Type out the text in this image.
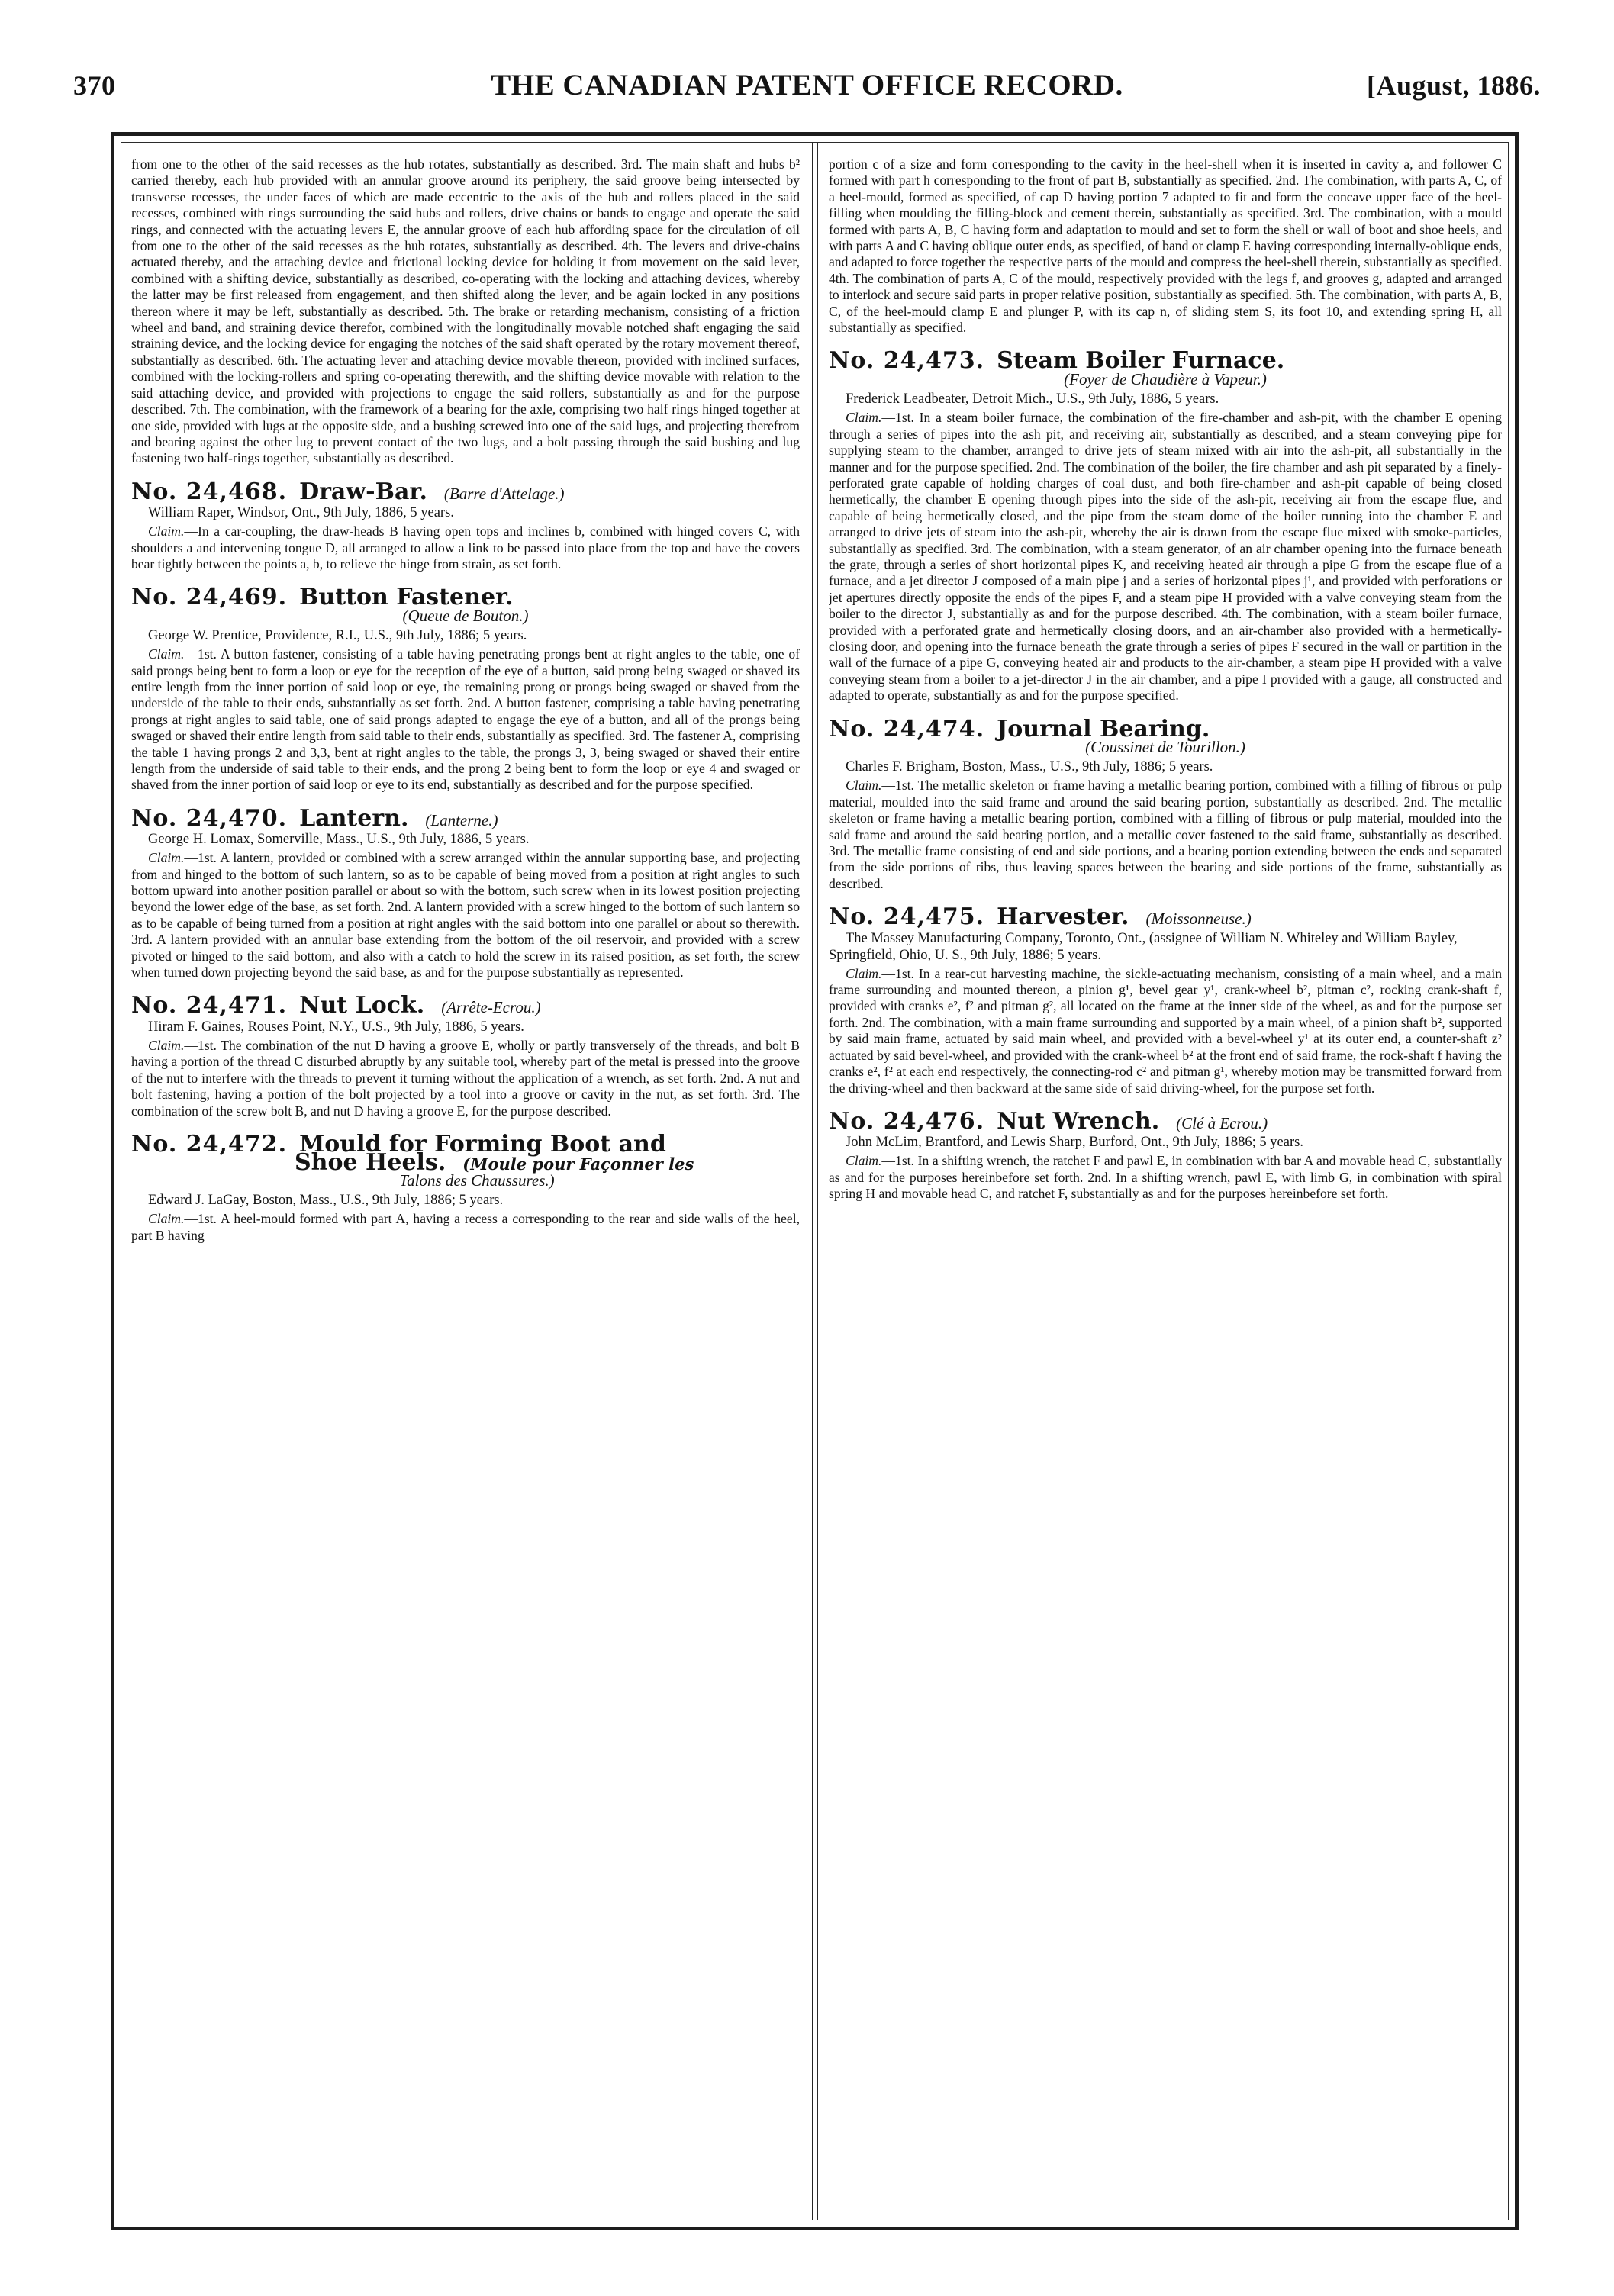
370	THE CANADIAN PATENT OFFICE RECORD.	[August, 1886.

from one to the other of the said recesses as the hub rotates, substantially as described. 3rd. The main shaft and hubs b² carried thereby, each hub provided with an annular groove around its periphery, the said groove being intersected by transverse recesses, the under faces of which are made eccentric to the axis of the hub and rollers placed in the said recesses, combined with rings surrounding the said hubs and rollers, drive chains or bands to engage and operate the said rings, and connected with the actuating levers E, the annular groove of each hub affording space for the circulation of oil from one to the other of the said recesses as the hub rotates, substantially as described. 4th. The levers and drive-chains actuated thereby, and the attaching device and frictional locking device for holding it from movement on the said lever, combined with a shifting device, substantially as described, co-operating with the locking and attaching devices, whereby the latter may be first released from engagement, and then shifted along the lever, and be again locked in any positions thereon where it may be left, substantially as described. 5th. The brake or retarding mechanism, consisting of a friction wheel and band, and straining device therefor, combined with the longitudinally movable notched shaft engaging the said straining device, and the locking device for engaging the notches of the said shaft operated by the rotary movement thereof, substantially as described. 6th. The actuating lever and attaching device movable thereon, provided with inclined surfaces, combined with the locking-rollers and spring co-operating therewith, and the shifting device movable with relation to the said attaching device, and provided with projections to engage the said rollers, substantially as and for the purpose described. 7th. The combination, with the framework of a bearing for the axle, comprising two half rings hinged together at one side, provided with lugs at the opposite side, and a bushing screwed into one of the said lugs, and projecting therefrom and bearing against the other lug to prevent contact of the two lugs, and a bolt passing through the said bushing and lug fastening two half-rings together, substantially as described.

No. 24,468. Draw-Bar. (Barre d'Attelage.)

William Raper, Windsor, Ont., 9th July, 1886, 5 years.

Claim.—In a car-coupling, the draw-heads B having open tops and inclines b, combined with hinged covers C, with shoulders a and intervening tongue D, all arranged to allow a link to be passed into place from the top and have the covers bear tightly between the points a, b, to relieve the hinge from strain, as set forth.

No. 24,469. Button Fastener.

(Queue de Bouton.)

George W. Prentice, Providence, R.I., U.S., 9th July, 1886; 5 years.

Claim.—1st. A button fastener, consisting of a table having penetrating prongs bent at right angles to the table, one of said prongs being bent to form a loop or eye for the reception of the eye of a button, said prong being swaged or shaved its entire length from the inner portion of said loop or eye, the remaining prong or prongs being swaged or shaved from the underside of the table to their ends, substantially as set forth. 2nd. A button fastener, comprising a table having penetrating prongs at right angles to said table, one of said prongs adapted to engage the eye of a button, and all of the prongs being swaged or shaved their entire length from said table to their ends, substantially as specified. 3rd. The fastener A, comprising the table 1 having prongs 2 and 3,3, bent at right angles to the table, the prongs 3, 3, being swaged or shaved their entire length from the underside of said table to their ends, and the prong 2 being bent to form the loop or eye 4 and swaged or shaved from the inner portion of said loop or eye to its end, substantially as described and for the purpose specified.

No. 24,470. Lantern. (Lanterne.)

George H. Lomax, Somerville, Mass., U.S., 9th July, 1886, 5 years.

Claim.—1st. A lantern, provided or combined with a screw arranged within the annular supporting base, and projecting from and hinged to the bottom of such lantern, so as to be capable of being moved from a position at right angles to such bottom upward into another position parallel or about so with the bottom, such screw when in its lowest position projecting beyond the lower edge of the base, as set forth. 2nd. A lantern provided with a screw hinged to the bottom of such lantern so as to be capable of being turned from a position at right angles with the said bottom into one parallel or about so therewith. 3rd. A lantern provided with an annular base extending from the bottom of the oil reservoir, and provided with a screw pivoted or hinged to the said bottom, and also with a catch to hold the screw in its raised position, as set forth, the screw when turned down projecting beyond the said base, as and for the purpose substantially as represented.

No. 24,471. Nut Lock. (Arrête-Ecrou.)

Hiram F. Gaines, Rouses Point, N.Y., U.S., 9th July, 1886, 5 years.

Claim.—1st. The combination of the nut D having a groove E, wholly or partly transversely of the threads, and bolt B having a portion of the thread C disturbed abruptly by any suitable tool, whereby part of the metal is pressed into the groove of the nut to interfere with the threads to prevent it turning without the application of a wrench, as set forth. 2nd. A nut and bolt fastening, having a portion of the bolt projected by a tool into a groove or cavity in the nut, as set forth. 3rd. The combination of the screw bolt B, and nut D having a groove E, for the purpose described.

No. 24,472. Mould for Forming Boot and
Shoe Heels. (Moule pour Façonner les

Talons des Chaussures.)

Edward J. LaGay, Boston, Mass., U.S., 9th July, 1886; 5 years.

Claim.—1st. A heel-mould formed with part A, having a recess a corresponding to the rear and side walls of the heel, part B having

portion c of a size and form corresponding to the cavity in the heel-shell when it is inserted in cavity a, and follower C formed with part h corresponding to the front of part B, substantially as specified. 2nd. The combination, with parts A, C, of a heel-mould, formed as specified, of cap D having portion 7 adapted to fit and form the concave upper face of the heel-filling when moulding the filling-block and cement therein, substantially as specified. 3rd. The combination, with a mould formed with parts A, B, C having form and adaptation to mould and set to form the shell or wall of boot and shoe heels, and with parts A and C having oblique outer ends, as specified, of band or clamp E having corresponding internally-oblique ends, and adapted to force together the respective parts of the mould and compress the heel-shell therein, substantially as specified. 4th. The combination of parts A, C of the mould, respectively provided with the legs f, and grooves g, adapted and arranged to interlock and secure said parts in proper relative position, substantially as specified. 5th. The combination, with parts A, B, C, of the heel-mould clamp E and plunger P, with its cap n, of sliding stem S, its foot 10, and extending spring H, all substantially as specified.

No. 24,473. Steam Boiler Furnace.

(Foyer de Chaudière à Vapeur.)

Frederick Leadbeater, Detroit Mich., U.S., 9th July, 1886, 5 years.

Claim.—1st. In a steam boiler furnace, the combination of the fire-chamber and ash-pit, with the chamber E opening through a series of pipes into the ash pit, and receiving air, substantially as described, and a steam conveying pipe for supplying steam to the chamber, arranged to drive jets of steam mixed with air into the ash-pit, all substantially in the manner and for the purpose specified. 2nd. The combination of the boiler, the fire chamber and ash pit separated by a finely-perforated grate capable of holding charges of coal dust, and both fire-chamber and ash-pit capable of being closed hermetically, the chamber E opening through pipes into the side of the ash-pit, receiving air from the escape flue, and capable of being hermetically closed, and the pipe from the steam dome of the boiler running into the chamber E and arranged to drive jets of steam into the ash-pit, whereby the air is drawn from the escape flue mixed with smoke-particles, substantially as specified. 3rd. The combination, with a steam generator, of an air chamber opening into the furnace beneath the grate, through a series of short horizontal pipes K, and receiving heated air through a pipe G from the escape flue of a furnace, and a jet director J composed of a main pipe j and a series of horizontal pipes j¹, and provided with perforations or jet apertures directly opposite the ends of the pipes F, and a steam pipe H provided with a valve conveying steam from the boiler to the director J, substantially as and for the purpose described. 4th. The combination, with a steam boiler furnace, provided with a perforated grate and hermetically closing doors, and an air-chamber also provided with a hermetically-closing door, and opening into the furnace beneath the grate through a series of pipes F secured in the wall or partition in the wall of the furnace of a pipe G, conveying heated air and products to the air-chamber, a steam pipe H provided with a valve conveying steam from a boiler to a jet-director J in the air chamber, and a pipe I provided with a gauge, all constructed and adapted to operate, substantially as and for the purpose specified.

No. 24,474. Journal Bearing.

(Coussinet de Tourillon.)

Charles F. Brigham, Boston, Mass., U.S., 9th July, 1886; 5 years.

Claim.—1st. The metallic skeleton or frame having a metallic bearing portion, combined with a filling of fibrous or pulp material, moulded into the said frame and around the said bearing portion, substantially as described. 2nd. The metallic skeleton or frame having a metallic bearing portion, combined with a filling of fibrous or pulp material, moulded into the said frame and around the said bearing portion, and a metallic cover fastened to the said frame, substantially as described. 3rd. The metallic frame consisting of end and side portions, and a bearing portion extending between the ends and separated from the side portions of ribs, thus leaving spaces between the bearing and side portions of the frame, substantially as described.

No. 24,475. Harvester. (Moissonneuse.)

The Massey Manufacturing Company, Toronto, Ont., (assignee of William N. Whiteley and William Bayley, Springfield, Ohio, U. S., 9th July, 1886; 5 years.

Claim.—1st. In a rear-cut harvesting machine, the sickle-actuating mechanism, consisting of a main wheel, and a main frame surrounding and mounted thereon, a pinion g¹, bevel gear y¹, crank-wheel b², pitman c², rocking crank-shaft f, provided with cranks e², f² and pitman g², all located on the frame at the inner side of the wheel, as and for the purpose set forth. 2nd. The combination, with a main frame surrounding and supported by a main wheel, of a pinion shaft b², supported by said main frame, actuated by said main wheel, and provided with a bevel-wheel y¹ at its outer end, a counter-shaft z² actuated by said bevel-wheel, and provided with the crank-wheel b² at the front end of said frame, the rock-shaft f having the cranks e², f² at each end respectively, the connecting-rod c² and pitman g¹, whereby motion may be transmitted forward from the driving-wheel and then backward at the same side of said driving-wheel, for the purpose set forth.

No. 24,476. Nut Wrench. (Clé à Ecrou.)

John McLim, Brantford, and Lewis Sharp, Burford, Ont., 9th July, 1886; 5 years.

Claim.—1st. In a shifting wrench, the ratchet F and pawl E, in combination with bar A and movable head C, substantially as and for the purposes hereinbefore set forth. 2nd. In a shifting wrench, pawl E, with limb G, in combination with spiral spring H and movable head C, and ratchet F, substantially as and for the purposes hereinbefore set forth.
